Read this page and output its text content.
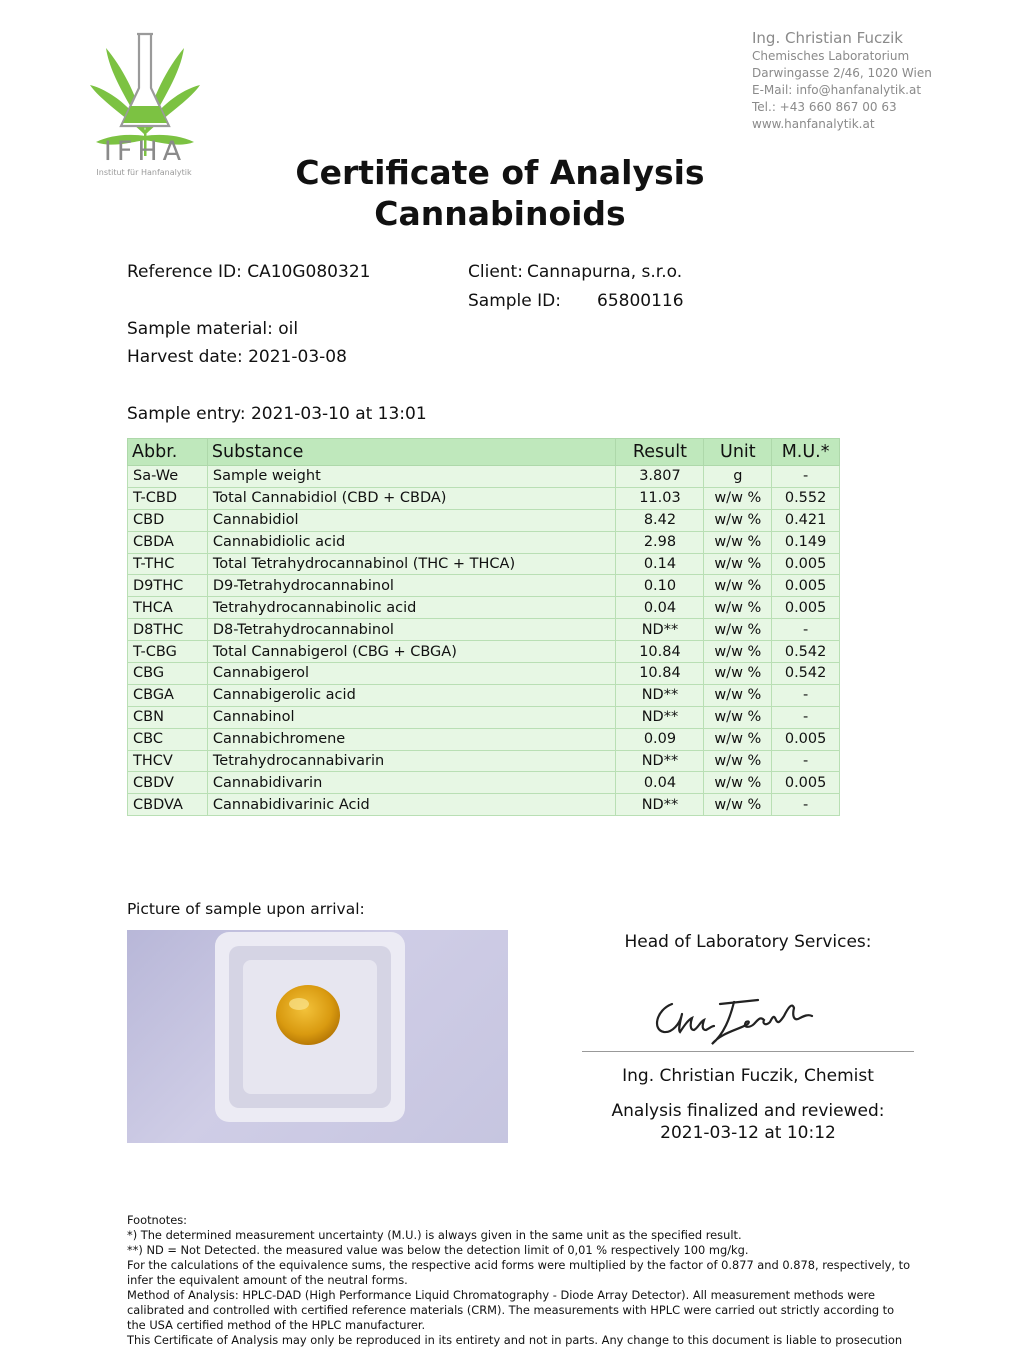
IFHA
Institut für Hanfanalytik
Ing. Christian Fuczik
Chemisches Laboratorium
Darwingasse 2/46, 1020 Wien
E-Mail: info@hanfanalytik.at
Tel.: +43 660 867 00 63
www.hanfanalytik.at
Certificate of Analysis
Cannabinoids
Reference ID: CA10G080321	Client: Cannapurna, s.r.o.
Sample ID: 65800116
Sample material: oil
Harvest date: 2021-03-08
Sample entry: 2021-03-10 at 13:01
Abbr.	Substance	Result	Unit	M.U.*
Sa-We	Sample weight	3.807	g	-
T-CBD	Total Cannabidiol (CBD + CBDA)	11.03	w/w %	0.552
CBD	Cannabidiol	8.42	w/w %	0.421
CBDA	Cannabidiolic acid	2.98	w/w %	0.149
T-THC	Total Tetrahydrocannabinol (THC + THCA)	0.14	w/w %	0.005
D9THC	D9-Tetrahydrocannabinol	0.10	w/w %	0.005
THCA	Tetrahydrocannabinolic acid	0.04	w/w %	0.005
D8THC	D8-Tetrahydrocannabinol	ND**	w/w %	-
T-CBG	Total Cannabigerol (CBG + CBGA)	10.84	w/w %	0.542
CBG	Cannabigerol	10.84	w/w %	0.542
CBGA	Cannabigerolic acid	ND**	w/w %	-
CBN	Cannabinol	ND**	w/w %	-
CBC	Cannabichromene	0.09	w/w %	0.005
THCV	Tetrahydrocannabivarin	ND**	w/w %	-
CBDV	Cannabidivarin	0.04	w/w %	0.005
CBDVA	Cannabidivarinic Acid	ND**	w/w %	-
Picture of sample upon arrival:
Head of Laboratory Services:
Ing. Christian Fuczik, Chemist
Analysis finalized and reviewed:
2021-03-12 at 10:12
Footnotes:
*) The determined measurement uncertainty (M.U.) is always given in the same unit as the specified result.
**) ND = Not Detected. the measured value was below the detection limit of 0,01 % respectively 100 mg/kg.
For the calculations of the equivalence sums, the respective acid forms were multiplied by the factor of 0.877 and 0.878, respectively, to
infer the equivalent amount of the neutral forms.
Method of Analysis: HPLC-DAD (High Performance Liquid Chromatography - Diode Array Detector). All measurement methods were
calibrated and controlled with certified reference materials (CRM). The measurements with HPLC were carried out strictly according to
the USA certified method of the HPLC manufacturer.
This Certificate of Analysis may only be reproduced in its entirety and not in parts. Any change to this document is liable to prosecution
